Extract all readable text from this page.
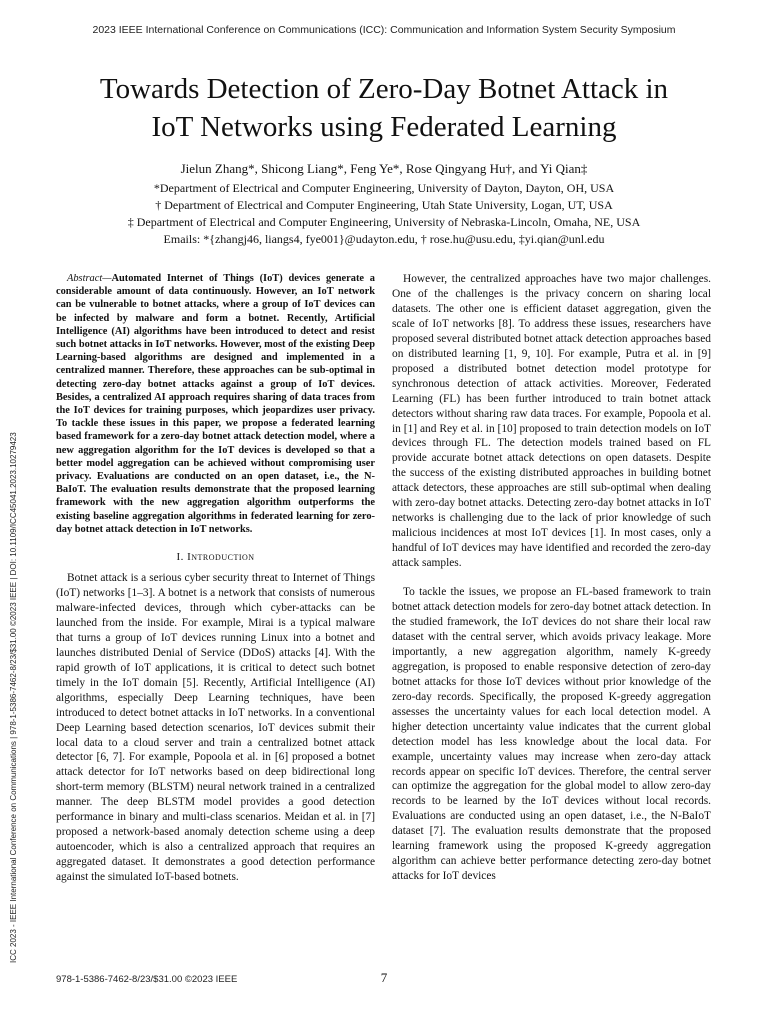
2023 IEEE International Conference on Communications (ICC): Communication and Information System Security Symposium
Towards Detection of Zero-Day Botnet Attack in
IoT Networks using Federated Learning
Jielun Zhang*, Shicong Liang*, Feng Ye*, Rose Qingyang Hu†, and Yi Qian‡
*Department of Electrical and Computer Engineering, University of Dayton, Dayton, OH, USA
† Department of Electrical and Computer Engineering, Utah State University, Logan, UT, USA
‡ Department of Electrical and Computer Engineering, University of Nebraska-Lincoln, Omaha, NE, USA
Emails: *{zhangj46, liangs4, fye001}@udayton.edu, † rose.hu@usu.edu, ‡yi.qian@unl.edu
ICC 2023 - IEEE International Conference on Communications | 978-1-5386-7462-8/23/$31.00 ©2023 IEEE | DOI: 10.1109/ICC45041.2023.10279423

Abstract—Automated Internet of Things (IoT) devices generate a considerable amount of data continuously. However, an IoT network can be vulnerable to botnet attacks, where a group of IoT devices can be infected by malware and form a botnet. Recently, Artificial Intelligence (AI) algorithms have been introduced to detect and resist such botnet attacks in IoT networks. However, most of the existing Deep Learning-based algorithms are designed and implemented in a centralized manner. Therefore, these approaches can be sub-optimal in detecting zero-day botnet attacks against a group of IoT devices. Besides, a centralized AI approach requires sharing of data traces from the IoT devices for training purposes, which jeopardizes user privacy. To tackle these issues in this paper, we propose a federated learning based framework for a zero-day botnet attack detection model, where a new aggregation algorithm for the IoT devices is developed so that a better model aggregation can be achieved without compromising user privacy. Evaluations are conducted on an open dataset, i.e., the N-BaIoT. The evaluation results demonstrate that the proposed learning framework with the new aggregation algorithm outperforms the existing baseline aggregation algorithms in federated learning for zero-day botnet attack detection in IoT networks.

I. Introduction

Botnet attack is a serious cyber security threat to Internet of Things (IoT) networks [1–3]. A botnet is a network that consists of numerous malware-infected devices, through which cyber-attacks can be launched from the inside. For example, Mirai is a typical malware that turns a group of IoT devices running Linux into a botnet and launches distributed Denial of Service (DDoS) attacks [4]. With the rapid growth of IoT applications, it is critical to detect such botnet timely in the IoT domain [5]. Recently, Artificial Intelligence (AI) algorithms, especially Deep Learning techniques, have been introduced to detect botnet attacks in IoT networks. In a conventional Deep Learning based detection scenarios, IoT devices submit their local data to a cloud server and train a centralized botnet attack detector [6, 7]. For example, Popoola et al. in [6] proposed a botnet attack detector for IoT networks based on deep bidirectional long short-term memory (BLSTM) neural network trained in a centralized manner. The deep BLSTM model provides a good detection performance in binary and multi-class scenarios. Meidan et al. in [7] proposed a network-based anomaly detection scheme using a deep autoencoder, which is also a centralized approach that requires an aggregated dataset. It demonstrates a good detection performance against the simulated IoT-based botnets.

However, the centralized approaches have two major challenges. One of the challenges is the privacy concern on sharing local datasets. The other one is efficient dataset aggregation, given the scale of IoT networks [8]. To address these issues, researchers have proposed several distributed botnet attack detection approaches based on distributed learning [1, 9, 10]. For example, Putra et al. in [9] proposed a distributed botnet detection model prototype for synchronous detection of attack activities. Moreover, Federated Learning (FL) has been further introduced to train botnet attack detectors without sharing raw data traces. For example, Popoola et al. in [1] and Rey et al. in [10] proposed to train detection models on IoT devices through FL. The detection models trained based on FL provide accurate botnet attack detections on open datasets. Despite the success of the existing distributed approaches in building botnet attack detectors, these approaches are still sub-optimal when dealing with zero-day botnet attacks. Detecting zero-day botnet attacks in IoT networks is challenging due to the lack of prior knowledge of such malicious incidences at most IoT devices [1]. In most cases, only a handful of IoT devices may have identified and recorded the zero-day attack samples.

To tackle the issues, we propose an FL-based framework to train botnet attack detection models for zero-day botnet attack detection. In the studied framework, the IoT devices do not share their local raw dataset with the central server, which avoids privacy leakage. More importantly, a new aggregation algorithm, namely K-greedy aggregation, is proposed to enable responsive detection of zero-day botnet attacks for those IoT devices without prior knowledge of the zero-day records. Specifically, the proposed K-greedy aggregation assesses the uncertainty values for each local detection model. A higher detection uncertainty value indicates that the current global detection model has less knowledge about the local data. For example, uncertainty values may increase when zero-day attack records appear on specific IoT devices. Therefore, the central server can optimize the aggregation for the global model to allow zero-day records to be learned by the IoT devices without local records. Evaluations are conducted using an open dataset, i.e., the N-BaIoT dataset [7]. The evaluation results demonstrate that the proposed learning framework using the proposed K-greedy aggregation algorithm can achieve better performance detecting zero-day botnet attacks for IoT devices

978-1-5386-7462-8/23/$31.00 ©2023 IEEE	7
